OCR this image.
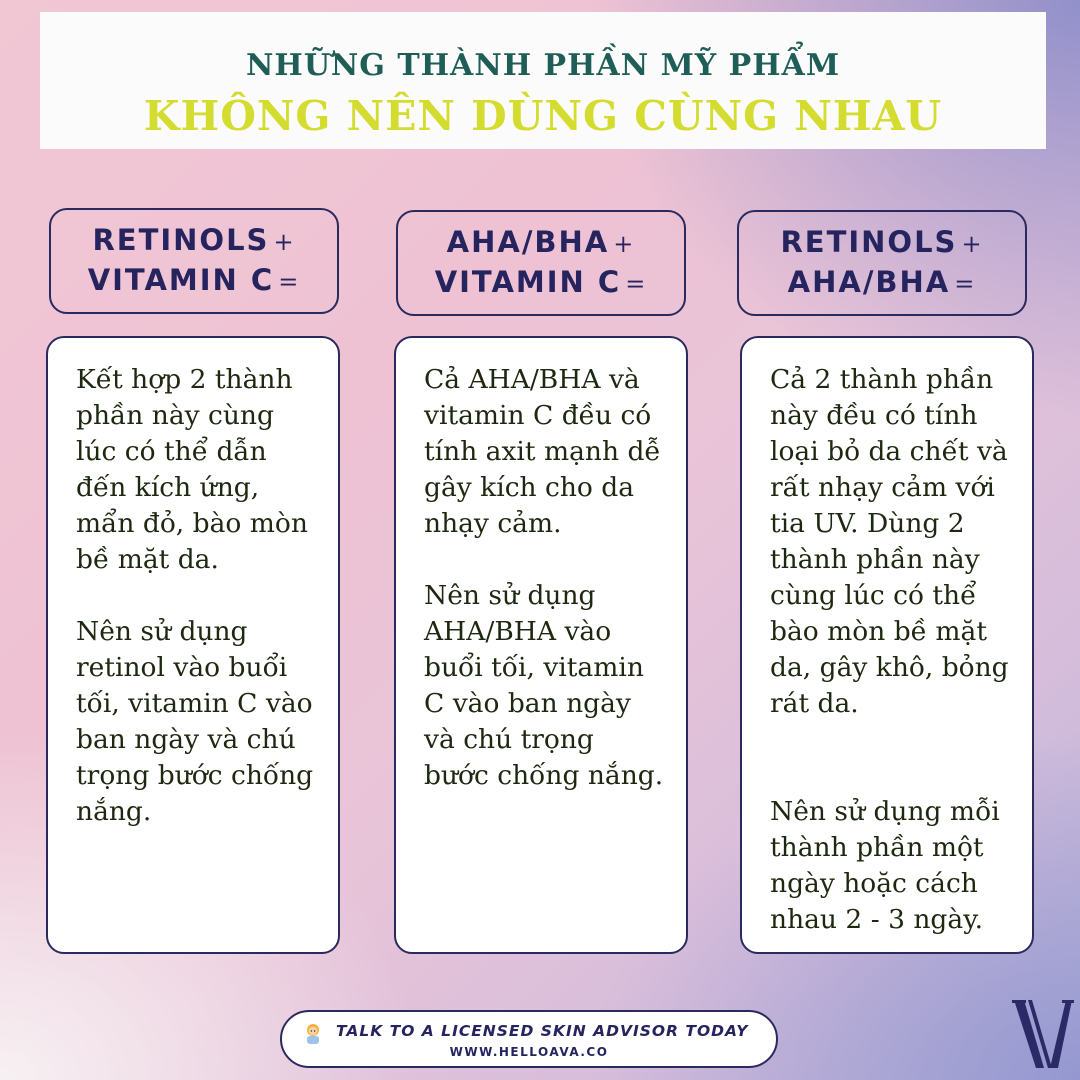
NHỮNG THÀNH PHẦN MỸ PHẨM
KHÔNG NÊN DÙNG CÙNG NHAU
RETINOLS +
VITAMIN C =
AHA/BHA +
VITAMIN C =
RETINOLS +
AHA/BHA =

Kết hợp 2 thành phần này cùng lúc có thể dẫn đến kích ứng, mẩn đỏ, bào mòn bề mặt da.

Nên sử dụng retinol vào buổi tối, vitamin C vào ban ngày và chú trọng bước chống nắng.

Cả AHA/BHA và vitamin C đều có tính axit mạnh dễ gây kích cho da nhạy cảm.

Nên sử dụng AHA/BHA vào buổi tối, vitamin C vào ban ngày và chú trọng bước chống nắng.

Cả 2 thành phần này đều có tính loại bỏ da chết và rất nhạy cảm với tia UV. Dùng 2 thành phần này cùng lúc có thể bào mòn bề mặt da, gây khô, bỏng rát da.

Nên sử dụng mỗi thành phần một ngày hoặc cách nhau 2 - 3 ngày.

TALK TO A LICENSED SKIN ADVISOR TODAY
WWW.HELLOAVA.CO
